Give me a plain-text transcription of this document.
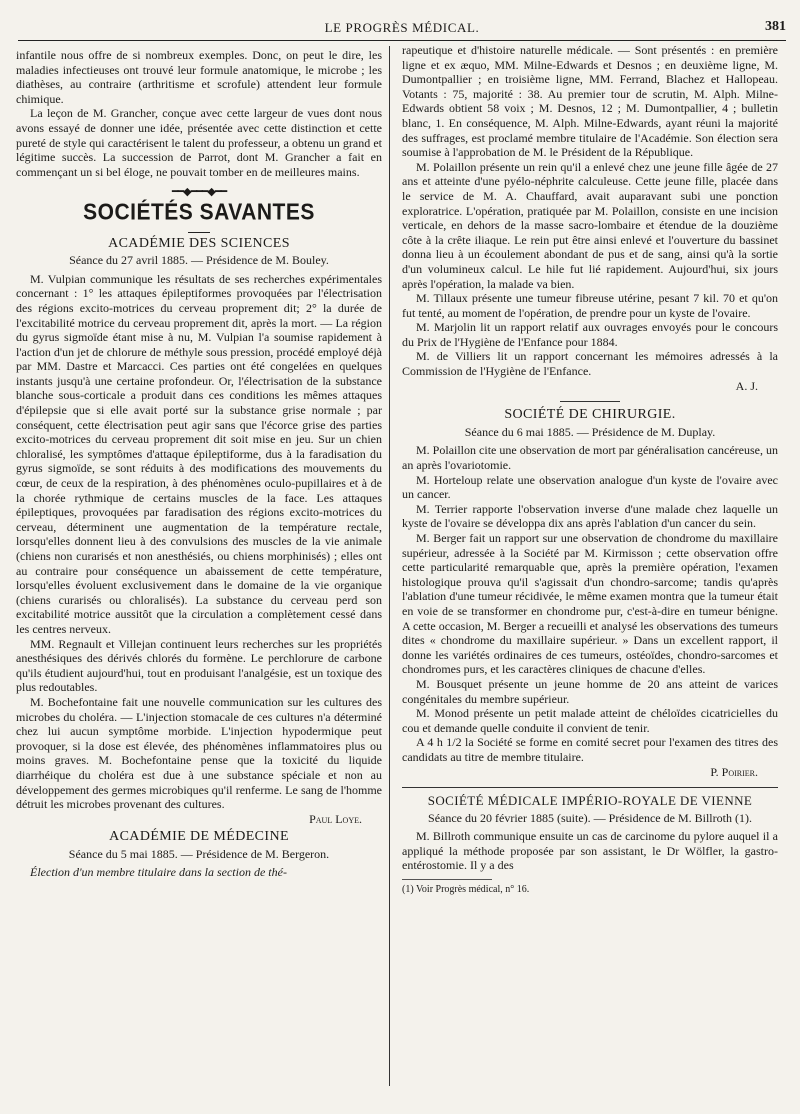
LE PROGRÈS MÉDICAL.	381

infantile nous offre de si nombreux exemples. Donc, on peut le dire, les maladies infectieuses ont trouvé leur formule anatomique, le microbe ; les diathèses, au contraire (arthritisme et scrofule) attendent leur formule chimique.

La leçon de M. Grancher, conçue avec cette largeur de vues dont nous avons essayé de donner une idée, présentée avec cette distinction et cette pureté de style qui caractérisent le talent du professeur, a obtenu un grand et légitime succès. La succession de Parrot, dont M. Grancher a fait en commençant un si bel éloge, ne pouvait tomber en de meilleures mains.

━━◆━━━◆━━
SOCIÉTÉS SAVANTES
ACADÉMIE DES SCIENCES

Séance du 27 avril 1885. — Présidence de M. Bouley.

M. Vulpian communique les résultats de ses recherches expérimentales concernant : 1° les attaques épileptiformes provoquées par l'électrisation des régions excito-motrices du cerveau proprement dit; 2° la durée de l'excitabilité motrice du cerveau proprement dit, après la mort. — La région du gyrus sigmoïde étant mise à nu, M. Vulpian l'a soumise rapidement à l'action d'un jet de chlorure de méthyle sous pression, procédé employé déjà par MM. Dastre et Marcacci. Ces parties ont été congelées en quelques instants jusqu'à une certaine profondeur. Or, l'électrisation de la substance blanche sous-corticale a produit dans ces conditions les mêmes attaques d'épilepsie que si elle avait porté sur la substance grise normale ; par conséquent, cette électrisation peut agir sans que l'écorce grise des parties excito-motrices du cerveau proprement dit soit mise en jeu. Sur un chien chloralisé, les symptômes d'attaque épileptiforme, dus à la faradisation du gyrus sigmoïde, se sont réduits à des modifications des mouvements du cœur, de ceux de la respiration, à des phénomènes oculo-pupillaires et à de la chorée rythmique de certains muscles de la face. Les attaques épileptiques, provoquées par faradisation des régions excito-motrices du cerveau, déterminent une augmentation de la température rectale, lorsqu'elles donnent lieu à des convulsions des muscles de la vie animale (chiens non curarisés et non anesthésiés, ou chiens morphinisés) ; elles ont au contraire pour conséquence un abaissement de cette température, lorsqu'elles évoluent exclusivement dans le domaine de la vie organique (chiens curarisés ou chloralisés). La substance du cerveau perd son excitabilité motrice aussitôt que la circulation a complètement cessé dans les centres nerveux.

MM. Regnault et Villejan continuent leurs recherches sur les propriétés anesthésiques des dérivés chlorés du formène. Le perchlorure de carbone qu'ils étudient aujourd'hui, tout en produisant l'analgésie, est un toxique des plus redoutables.

M. Bochefontaine fait une nouvelle communication sur les cultures des microbes du choléra. — L'injection stomacale de ces cultures n'a déterminé chez lui aucun symptôme morbide. L'injection hypodermique peut provoquer, si la dose est élevée, des phénomènes inflammatoires plus ou moins graves. M. Bochefontaine pense que la toxicité du liquide diarrhéique du choléra est due à une substance spéciale et non au développement des germes microbiques qu'il renferme. Le sang de l'homme détruit les microbes provenant des cultures.

Paul Loye.

ACADÉMIE DE MÉDECINE

Séance du 5 mai 1885. — Présidence de M. Bergeron.

Élection d'un membre titulaire dans la section de thé-

rapeutique et d'histoire naturelle médicale. — Sont présentés : en première ligne et ex æquo, MM. Milne-Edwards et Desnos ; en deuxième ligne, M. Dumontpallier ; en troisième ligne, MM. Ferrand, Blachez et Hallopeau. Votants : 75, majorité : 38. Au premier tour de scrutin, M. Alph. Milne-Edwards obtient 58 voix ; M. Desnos, 12 ; M. Dumontpallier, 4 ; bulletin blanc, 1. En conséquence, M. Alph. Milne-Edwards, ayant réuni la majorité des suffrages, est proclamé membre titulaire de l'Académie. Son élection sera soumise à l'approbation de M. le Président de la République.

M. Polaillon présente un rein qu'il a enlevé chez une jeune fille âgée de 27 ans et atteinte d'une pyélo-néphrite calculeuse. Cette jeune fille, placée dans le service de M. A. Chauffard, avait auparavant subi une ponction exploratrice. L'opération, pratiquée par M. Polaillon, consiste en une incision verticale, en dehors de la masse sacro-lombaire et étendue de la douzième côte à la crête iliaque. Le rein put être ainsi enlevé et l'ouverture du bassinet donna lieu à un écoulement abondant de pus et de sang, ainsi qu'à la sortie d'un volumineux calcul. Le hile fut lié rapidement. Aujourd'hui, six jours après l'opération, la malade va bien.

M. Tillaux présente une tumeur fibreuse utérine, pesant 7 kil. 70 et qu'on fut tenté, au moment de l'opération, de prendre pour un kyste de l'ovaire.

M. Marjolin lit un rapport relatif aux ouvrages envoyés pour le concours du Prix de l'Hygiène de l'Enfance pour 1884.

M. de Villiers lit un rapport concernant les mémoires adressés à la Commission de l'Hygiène de l'Enfance.

A. J.

SOCIÉTÉ DE CHIRURGIE.

Séance du 6 mai 1885. — Présidence de M. Duplay.

M. Polaillon cite une observation de mort par généralisation cancéreuse, un an après l'ovariotomie.

M. Horteloup relate une observation analogue d'un kyste de l'ovaire avec un cancer.

M. Terrier rapporte l'observation inverse d'une malade chez laquelle un kyste de l'ovaire se développa dix ans après l'ablation d'un cancer du sein.

M. Berger fait un rapport sur une observation de chondrome du maxillaire supérieur, adressée à la Société par M. Kirmisson ; cette observation offre cette particularité remarquable que, après la première opération, l'examen histologique prouva qu'il s'agissait d'un chondro-sarcome; tandis qu'après l'ablation d'une tumeur récidivée, le même examen montra que la tumeur était en voie de se transformer en chondrome pur, c'est-à-dire en tumeur bénigne. A cette occasion, M. Berger a recueilli et analysé les observations des tumeurs dites « chondrome du maxillaire supérieur. » Dans un excellent rapport, il donne les variétés ordinaires de ces tumeurs, ostéoïdes, chondro-sarcomes et chondromes purs, et les caractères cliniques de chacune d'elles.

M. Bousquet présente un jeune homme de 20 ans atteint de varices congénitales du membre supérieur.

M. Monod présente un petit malade atteint de chéloïdes cicatricielles du cou et demande quelle conduite il convient de tenir.

A 4 h 1/2 la Société se forme en comité secret pour l'examen des titres des candidats au titre de membre titulaire.

P. Poirier.

SOCIÉTÉ MÉDICALE IMPÉRIO-ROYALE DE VIENNE

Séance du 20 février 1885 (suite). — Présidence de M. Billroth (1).

M. Billroth communique ensuite un cas de carcinome du pylore auquel il a appliqué la méthode proposée par son assistant, le Dr Wölfler, la gastro-entérostomie. Il y a des

(1) Voir Progrès médical, n° 16.
